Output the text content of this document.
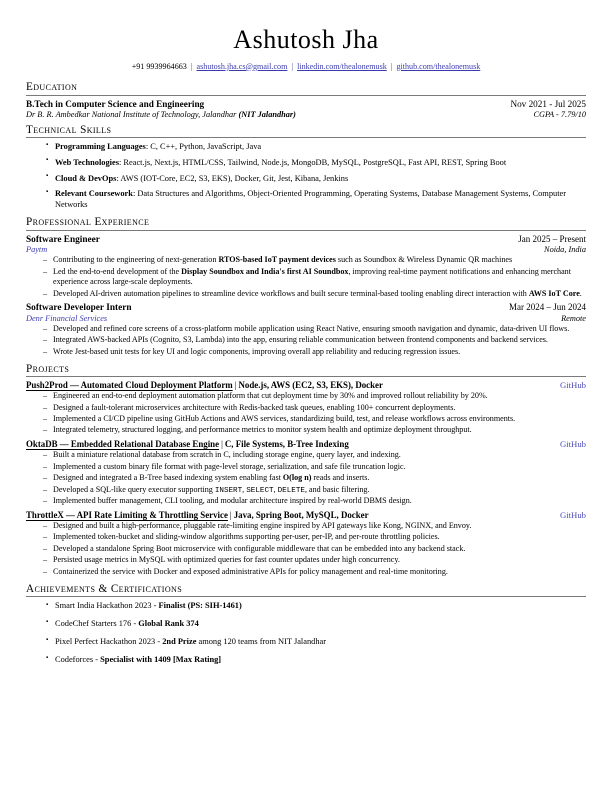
Ashutosh Jha
+91 9939964663 | ashutosh.jha.cs@gmail.com | linkedin.com/thealonemusk | github.com/thealonemusk
Education
B.Tech in Computer Science and Engineering	Nov 2021 - Jul 2025
Dr B. R. Ambedkar National Institute of Technology, Jalandhar (NIT Jalandhar)	CGPA - 7.79/10
Technical Skills
▪ Programming Languages: C, C++, Python, JavaScript, Java
▪ Web Technologies: React.js, Next.js, HTML/CSS, Tailwind, Node.js, MongoDB, MySQL, PostgreSQL, Fast API, REST, Spring Boot
▪ Cloud & DevOps: AWS (IOT-Core, EC2, S3, EKS), Docker, Git, Jest, Kibana, Jenkins
▪ Relevant Coursework: Data Structures and Algorithms, Object-Oriented Programming, Operating Systems, Database Management Systems, Computer Networks
Professional Experience
Software Engineer	Jan 2025 – Present
Paytm	Noida, India
– Contributing to the engineering of next-generation RTOS-based IoT payment devices such as Soundbox & Wireless Dynamic QR machines
– Led the end-to-end development of the Display Soundbox and India's first AI Soundbox, improving real-time payment notifications and enhancing merchant experience across large-scale deployments.
– Developed AI-driven automation pipelines to streamline device workflows and built secure terminal-based tooling enabling direct interaction with AWS IoT Core.
Software Developer Intern	Mar 2024 – Jun 2024
Denr Financial Services	Remote
– Developed and refined core screens of a cross-platform mobile application using React Native, ensuring smooth navigation and dynamic, data-driven UI flows.
– Integrated AWS-backed APIs (Cognito, S3, Lambda) into the app, ensuring reliable communication between frontend components and backend services.
– Wrote Jest-based unit tests for key UI and logic components, improving overall app reliability and reducing regression issues.
Projects
Push2Prod — Automated Cloud Deployment Platform | Node.js, AWS (EC2, S3, EKS), Docker	GitHub
– Engineered an end-to-end deployment automation platform that cut deployment time by 30% and improved rollout reliability by 20%.
– Designed a fault-tolerant microservices architecture with Redis-backed task queues, enabling 100+ concurrent deployments.
– Implemented a CI/CD pipeline using GitHub Actions and AWS services, standardizing build, test, and release workflows across environments.
– Integrated telemetry, structured logging, and performance metrics to monitor system health and optimize deployment throughput.
OktaDB — Embedded Relational Database Engine | C, File Systems, B-Tree Indexing	GitHub
– Built a miniature relational database from scratch in C, including storage engine, query layer, and indexing.
– Implemented a custom binary file format with page-level storage, serialization, and safe file truncation logic.
– Designed and integrated a B-Tree based indexing system enabling fast O(log n) reads and inserts.
– Developed a SQL-like query executor supporting INSERT, SELECT, DELETE, and basic filtering.
– Implemented buffer management, CLI tooling, and modular architecture inspired by real-world DBMS design.
ThrottleX — API Rate Limiting & Throttling Service | Java, Spring Boot, MySQL, Docker	GitHub
– Designed and built a high-performance, pluggable rate-limiting engine inspired by API gateways like Kong, NGINX, and Envoy.
– Implemented token-bucket and sliding-window algorithms supporting per-user, per-IP, and per-route throttling policies.
– Developed a standalone Spring Boot microservice with configurable middleware that can be embedded into any backend stack.
– Persisted usage metrics in MySQL with optimized queries for fast counter updates under high concurrency.
– Containerized the service with Docker and exposed administrative APIs for policy management and real-time monitoring.
Achievements & Certifications
▪ Smart India Hackathon 2023 - Finalist (PS: SIH-1461)
▪ CodeChef Starters 176 - Global Rank 374
▪ Pixel Perfect Hackathon 2023 - 2nd Prize among 120 teams from NIT Jalandhar
▪ Codeforces - Specialist with 1409 [Max Rating]
